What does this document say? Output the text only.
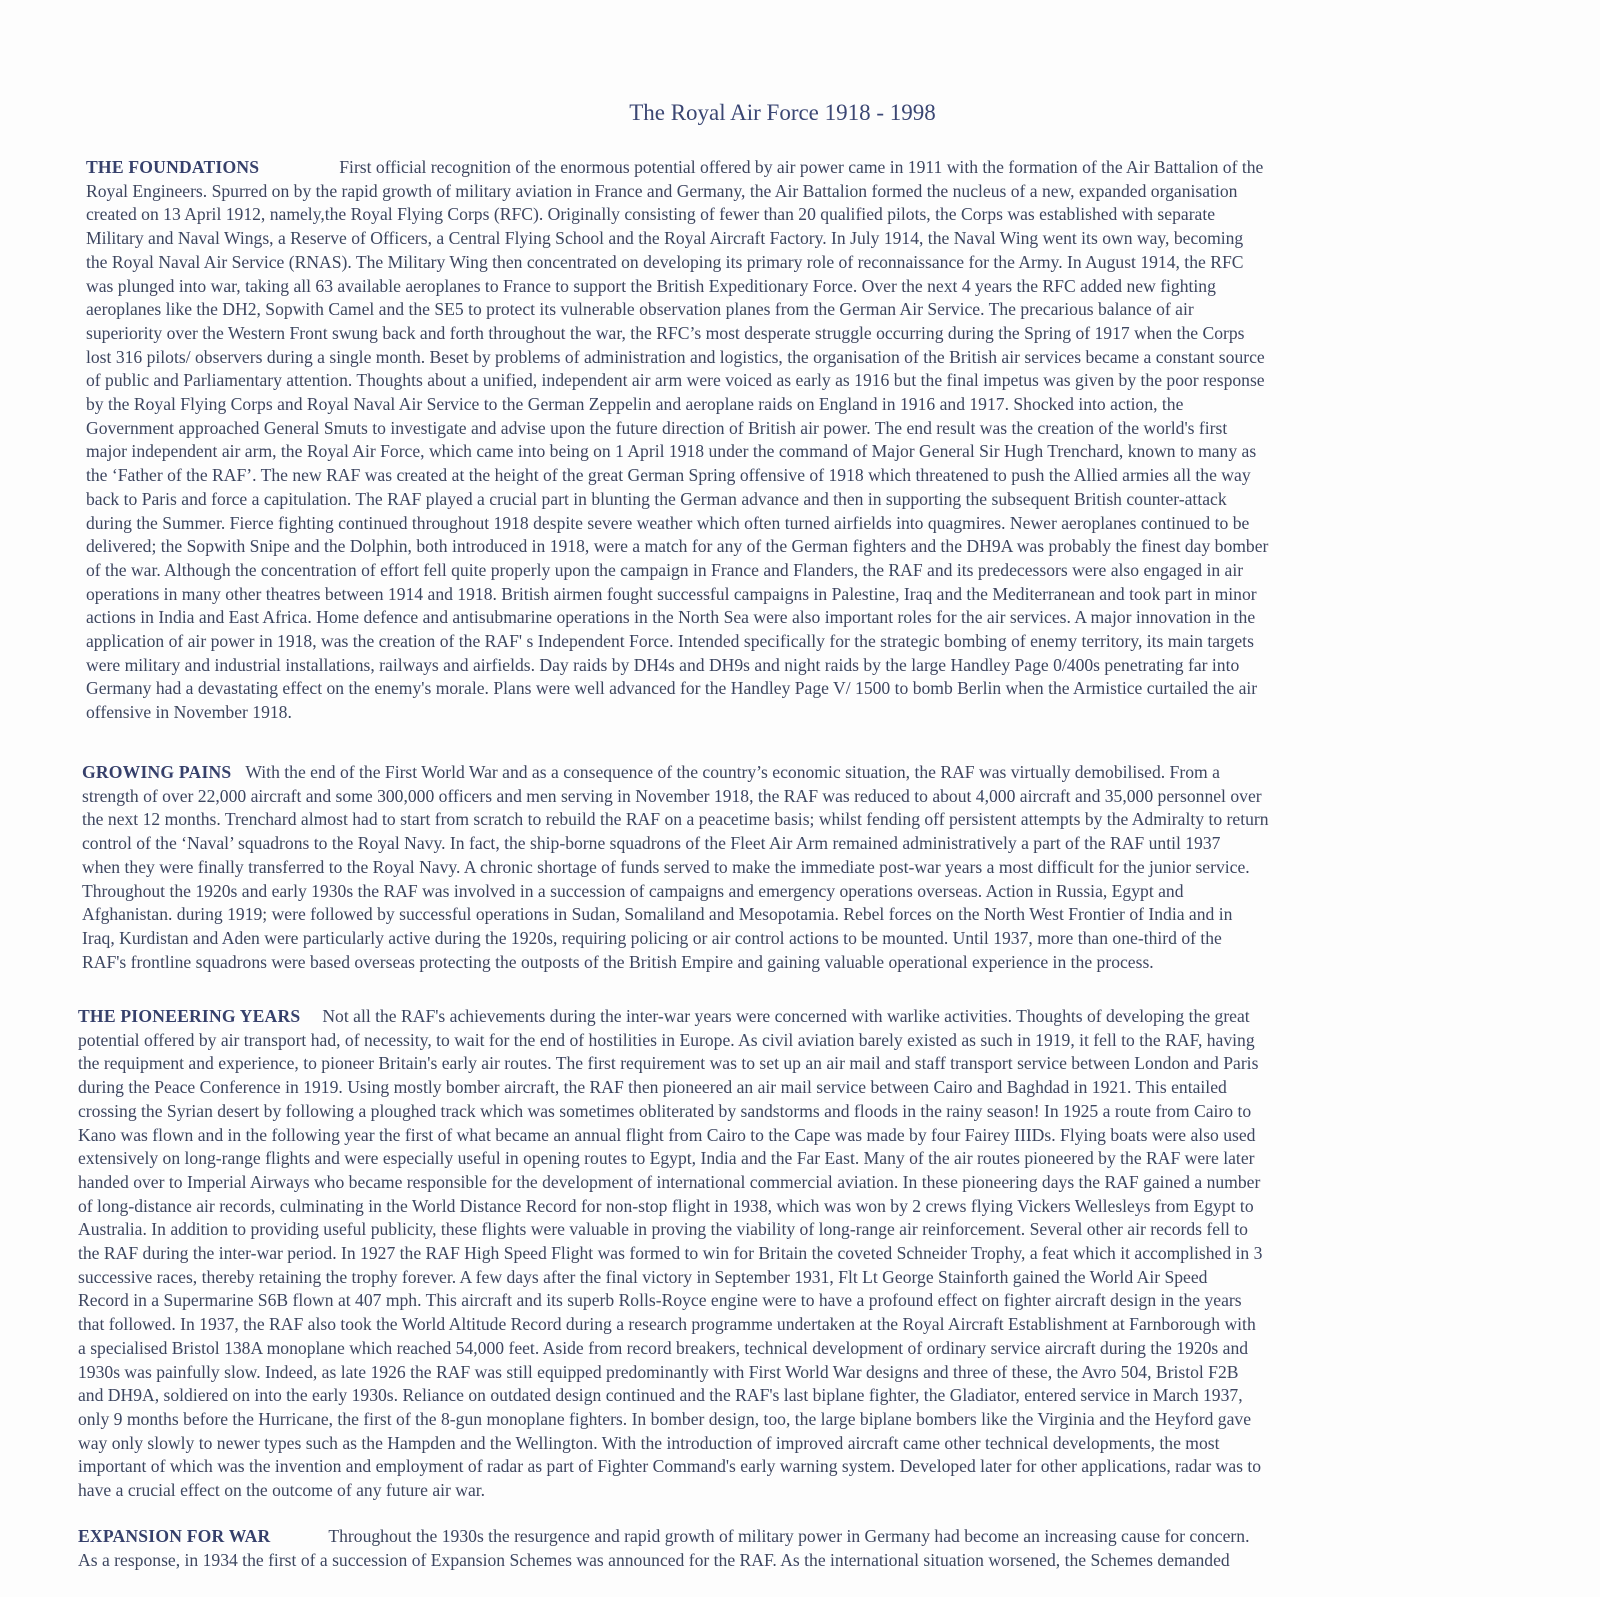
The Royal Air Force 1918 - 1998
THE FOUNDATIONS	First official recognition of the enormous potential offered by air power came in 1911 with the formation of the Air Battalion of the
Royal Engineers. Spurred on by the rapid growth of military aviation in France and Germany, the Air Battalion formed the nucleus of a new, expanded organisation
created on 13 April 1912, namely,the Royal Flying Corps (RFC). Originally consisting of fewer than 20 qualified pilots, the Corps was established with separate
Military and Naval Wings, a Reserve of Officers, a Central Flying School and the Royal Aircraft Factory. In July 1914, the Naval Wing went its own way, becoming
the Royal Naval Air Service (RNAS). The Military Wing then concentrated on developing its primary role of reconnaissance for the Army. In August 1914, the RFC
was plunged into war, taking all 63 available aeroplanes to France to support the British Expeditionary Force. Over the next 4 years the RFC added new fighting
aeroplanes like the DH2, Sopwith Camel and the SE5 to protect its vulnerable observation planes from the German Air Service. The precarious balance of air
superiority over the Western Front swung back and forth throughout the war, the RFC’s most desperate struggle occurring during the Spring of 1917 when the Corps
lost 316 pilots/ observers during a single month. Beset by problems of administration and logistics, the organisation of the British air services became a constant source
of public and Parliamentary attention. Thoughts about a unified, independent air arm were voiced as early as 1916 but the final impetus was given by the poor response
by the Royal Flying Corps and Royal Naval Air Service to the German Zeppelin and aeroplane raids on England in 1916 and 1917. Shocked into action, the
Government approached General Smuts to investigate and advise upon the future direction of British air power. The end result was the creation of the world's first
major independent air arm, the Royal Air Force, which came into being on 1 April 1918 under the command of Major General Sir Hugh Trenchard, known to many as
the ‘Father of the RAF’. The new RAF was created at the height of the great German Spring offensive of 1918 which threatened to push the Allied armies all the way
back to Paris and force a capitulation. The RAF played a crucial part in blunting the German advance and then in supporting the subsequent British counter-attack
during the Summer. Fierce fighting continued throughout 1918 despite severe weather which often turned airfields into quagmires. Newer aeroplanes continued to be
delivered; the Sopwith Snipe and the Dolphin, both introduced in 1918, were a match for any of the German fighters and the DH9A was probably the finest day bomber
of the war. Although the concentration of effort fell quite properly upon the campaign in France and Flanders, the RAF and its predecessors were also engaged in air
operations in many other theatres between 1914 and 1918. British airmen fought successful campaigns in Palestine, Iraq and the Mediterranean and took part in minor
actions in India and East Africa. Home defence and antisubmarine operations in the North Sea were also important roles for the air services. A major innovation in the
application of air power in 1918, was the creation of the RAF' s Independent Force. Intended specifically for the strategic bombing of enemy territory, its main targets
were military and industrial installations, railways and airfields. Day raids by DH4s and DH9s and night raids by the large Handley Page 0/400s penetrating far into
Germany had a devastating effect on the enemy's morale. Plans were well advanced for the Handley Page V/ 1500 to bomb Berlin when the Armistice curtailed the air
offensive in November 1918.
GROWING PAINS With the end of the First World War and as a consequence of the country’s economic situation, the RAF was virtually demobilised. From a
strength of over 22,000 aircraft and some 300,000 officers and men serving in November 1918, the RAF was reduced to about 4,000 aircraft and 35,000 personnel over
the next 12 months. Trenchard almost had to start from scratch to rebuild the RAF on a peacetime basis; whilst fending off persistent attempts by the Admiralty to return
control of the ‘Naval’ squadrons to the Royal Navy. In fact, the ship-borne squadrons of the Fleet Air Arm remained administratively a part of the RAF until 1937
when they were finally transferred to the Royal Navy. A chronic shortage of funds served to make the immediate post-war years a most difficult for the junior service.
Throughout the 1920s and early 1930s the RAF was involved in a succession of campaigns and emergency operations overseas. Action in Russia, Egypt and
Afghanistan. during 1919; were followed by successful operations in Sudan, Somaliland and Mesopotamia. Rebel forces on the North West Frontier of India and in
Iraq, Kurdistan and Aden were particularly active during the 1920s, requiring policing or air control actions to be mounted. Until 1937, more than one-third of the
RAF's frontline squadrons were based overseas protecting the outposts of the British Empire and gaining valuable operational experience in the process.
THE PIONEERING YEARS Not all the RAF's achievements during the inter-war years were concerned with warlike activities. Thoughts of developing the great
potential offered by air transport had, of necessity, to wait for the end of hostilities in Europe. As civil aviation barely existed as such in 1919, it fell to the RAF, having
the requipment and experience, to pioneer Britain's early air routes. The first requirement was to set up an air mail and staff transport service between London and Paris
during the Peace Conference in 1919. Using mostly bomber aircraft, the RAF then pioneered an air mail service between Cairo and Baghdad in 1921. This entailed
crossing the Syrian desert by following a ploughed track which was sometimes obliterated by sandstorms and floods in the rainy season! In 1925 a route from Cairo to
Kano was flown and in the following year the first of what became an annual flight from Cairo to the Cape was made by four Fairey IIIDs. Flying boats were also used
extensively on long-range flights and were especially useful in opening routes to Egypt, India and the Far East. Many of the air routes pioneered by the RAF were later
handed over to Imperial Airways who became responsible for the development of international commercial aviation. In these pioneering days the RAF gained a number
of long-distance air records, culminating in the World Distance Record for non-stop flight in 1938, which was won by 2 crews flying Vickers Wellesleys from Egypt to
Australia. In addition to providing useful publicity, these flights were valuable in proving the viability of long-range air reinforcement. Several other air records fell to
the RAF during the inter-war period. In 1927 the RAF High Speed Flight was formed to win for Britain the coveted Schneider Trophy, a feat which it accomplished in 3
successive races, thereby retaining the trophy forever. A few days after the final victory in September 1931, Flt Lt George Stainforth gained the World Air Speed
Record in a Supermarine S6B flown at 407 mph. This aircraft and its superb Rolls-Royce engine were to have a profound effect on fighter aircraft design in the years
that followed. In 1937, the RAF also took the World Altitude Record during a research programme undertaken at the Royal Aircraft Establishment at Farnborough with
a specialised Bristol 138A monoplane which reached 54,000 feet. Aside from record breakers, technical development of ordinary service aircraft during the 1920s and
1930s was painfully slow. Indeed, as late 1926 the RAF was still equipped predominantly with First World War designs and three of these, the Avro 504, Bristol F2B
and DH9A, soldiered on into the early 1930s. Reliance on outdated design continued and the RAF's last biplane fighter, the Gladiator, entered service in March 1937,
only 9 months before the Hurricane, the first of the 8-gun monoplane fighters. In bomber design, too, the large biplane bombers like the Virginia and the Heyford gave
way only slowly to newer types such as the Hampden and the Wellington. With the introduction of improved aircraft came other technical developments, the most
important of which was the invention and employment of radar as part of Fighter Command's early warning system. Developed later for other applications, radar was to
have a crucial effect on the outcome of any future air war.
EXPANSION FOR WAR	Throughout the 1930s the resurgence and rapid growth of military power in Germany had become an increasing cause for concern.
As a response, in 1934 the first of a succession of Expansion Schemes was announced for the RAF. As the international situation worsened, the Schemes demanded
